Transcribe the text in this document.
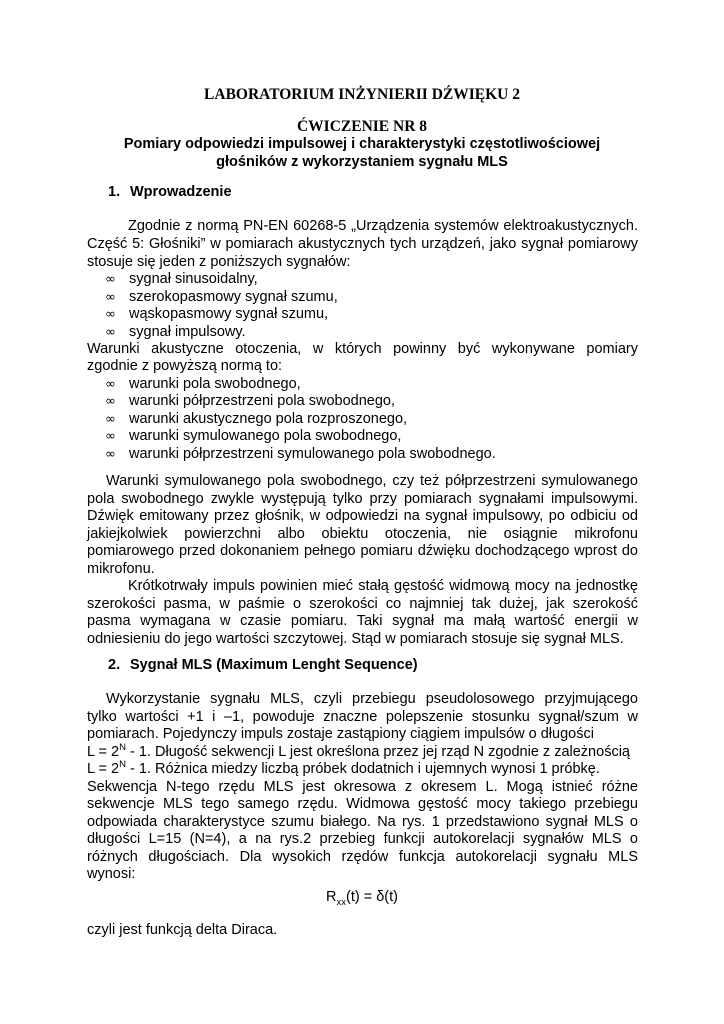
LABORATORIUM INŻYNIERII DŹWIĘKU 2
ĆWICZENIE NR 8
Pomiary odpowiedzi impulsowej i charakterystyki częstotliwościowej
głośników z wykorzystaniem sygnału MLS
1. Wprowadzenie
Zgodnie z normą PN-EN 60268-5 „Urządzenia systemów elektroakustycznych.
Część 5: Głośniki” w pomiarach akustycznych tych urządzeń, jako sygnał pomiarowy
stosuje się jeden z poniższych sygnałów:
∞ sygnał sinusoidalny,
∞ szerokopasmowy sygnał szumu,
∞ wąskopasmowy sygnał szumu,
∞ sygnał impulsowy.
Warunki akustyczne otoczenia, w których powinny być wykonywane pomiary
zgodnie z powyższą normą to:
∞ warunki pola swobodnego,
∞ warunki półprzestrzeni pola swobodnego,
∞ warunki akustycznego pola rozproszonego,
∞ warunki symulowanego pola swobodnego,
∞ warunki półprzestrzeni symulowanego pola swobodnego.
Warunki symulowanego pola swobodnego, czy też półprzestrzeni symulowanego
pola swobodnego zwykle występują tylko przy pomiarach sygnałami impulsowymi.
Dźwięk emitowany przez głośnik, w odpowiedzi na sygnał impulsowy, po odbiciu od
jakiejkolwiek powierzchni albo obiektu otoczenia, nie osiągnie mikrofonu
pomiarowego przed dokonaniem pełnego pomiaru dźwięku dochodzącego wprost do
mikrofonu.
Krótkotrwały impuls powinien mieć stałą gęstość widmową mocy na jednostkę
szerokości pasma, w paśmie o szerokości co najmniej tak dużej, jak szerokość
pasma wymagana w czasie pomiaru. Taki sygnał ma małą wartość energii w
odniesieniu do jego wartości szczytowej. Stąd w pomiarach stosuje się sygnał MLS.
2. Sygnał MLS (Maximum Lenght Sequence)
Wykorzystanie sygnału MLS, czyli przebiegu pseudolosowego przyjmującego
tylko wartości +1 i –1, powoduje znaczne polepszenie stosunku sygnał/szum w
pomiarach. Pojedynczy impuls zostaje zastąpiony ciągiem impulsów o długości
$L = 2^N - 1$. Długość sekwencji L jest określona przez jej rząd N zgodnie z zależnością
$L = 2^N - 1$. Różnica miedzy liczbą próbek dodatnich i ujemnych wynosi 1 próbkę.
Sekwencja N-tego rzędu MLS jest okresowa z okresem L. Mogą istnieć różne
sekwencje MLS tego samego rzędu. Widmowa gęstość mocy takiego przebiegu
odpowiada charakterystyce szumu białego. Na rys. 1 przedstawiono sygnał MLS o
długości L=15 (N=4), a na rys.2 przebieg funkcji autokorelacji sygnałów MLS o
różnych długościach. Dla wysokich rzędów funkcja autokorelacji sygnału MLS
wynosi:
$R_{xx}(t) = \delta(t)$
czyli jest funkcją delta Diraca.
